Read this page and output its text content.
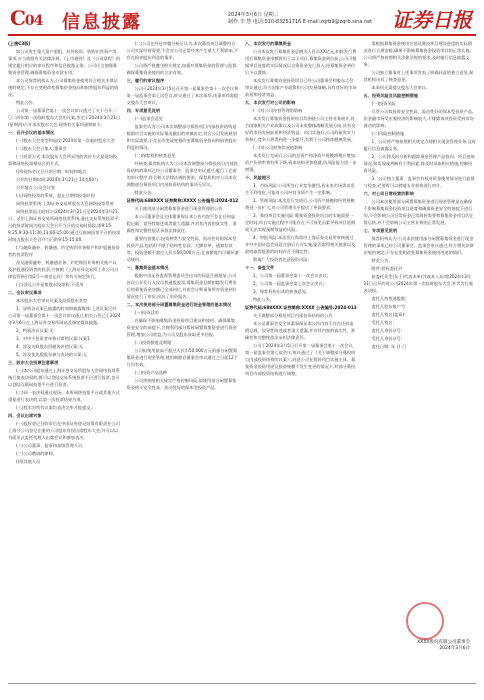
C04 信息披露	2024年3月6日 星期三
制作:李 慧 电话:010-83251716 E-mail:zqrb9@zqrb.sina.net 证券日报

(上接C3版)

如公司发生重大资产重组、对外投资、收购出售资产等事项,应当依照有关法律法规、《上市规则》及《公司章程》的规定履行相应的审议程序和信息披露义务。公司应当加强募集资金管理,确保募集资金专款专用。

本公司保荐机构认为,公司募集资金使用符合相关法律法规的规定,不存在变相改变募集资金投向和损害股东利益的情况。

特此公告。

公司第一届董事会第十一次会议审议通过了关于召开二〇二四年第一次临时股东大会的议案,决定于2024年3月21日(星期四)召开本次股东大会,现将有关事项通知如下。

一、召开会议的基本情况

(一)股东大会类型和届次:2024年第一次临时股东大会

(二)股东大会召集人:董事会

(三)投票方式:本次股东大会所采用的表决方式是现场投票和网络投票相结合的方式。

(四)现场会议召开的日期、时间和地点

召开的日期时间:2024年3月21日 14点00分

召开地点:公司会议室

(五)网络投票的系统、起止日期和投票时间

网络投票系统:上海证券交易所股东大会网络投票系统

网络投票起止时间:自2024年3月21日至2024年3月21日。采用上海证券交易所网络投票系统,通过交易系统投票平台的投票时间为股东大会召开当日的交易时间段,即9:15-9:25,9:30-11:30,13:00-15:00;通过互联网投票平台的投票时间为股东大会召开当日的9:15-15:00。

(六)融资融券、转融通、约定购回业务账户和沪股通投资者的投票程序

涉及融资融券、转融通业务、约定购回业务相关账户以及沪股通投资者的投票,应按照《上海证券交易所上市公司自律监管指引第1号—规范运作》等有关规定执行。

(七)涉及公开征集股东投票权:不适用

二、会议审议事项

本次股东大会审议议案及投票股东类型

1、说明各议案已披露的时间和披露媒体:上述议案已经公司第一届董事会第十一次会议审议通过,相关公告已于2024年3月6日在上海证券交易所网站及指定媒体披露。

2、特别决议议案:无

3、对中小投资者单独计票的议案:议案1

4、涉及关联股东回避表决的议案:无

5、涉及优先股股东参与表决的议案:无

三、股东大会投票注意事项

(一)本公司股东通过上海证券交易所股东大会网络投票系统行使表决权的,既可以登陆交易系统投票平台进行投票,也可以登陆互联网投票平台进行投票。

(二)同一表决权通过现场、本所网络投票平台或其他方式重复进行表决的,以第一次投票结果为准。

(三)股东对所有议案均表决完毕才能提交。

四、会议出席对象

(一)股权登记日收市后在中国证券登记结算有限责任公司上海分公司登记在册的公司股东有权出席股东大会,并可以以书面形式委托代理人出席会议和参加表决。

(二)公司董事、监事和高级管理人员。

(三)公司聘请的律师。

(四)其他人员

(二)公司在经过审慎分析后认为,本次募投项目调整符合公司实际经营需要,不会对公司正常经营产生重大不利影响,不存在损害股东利益的情形。

公司将严格遵守相关规定,加强对募集资金的管理与监督,确保募集资金使用的合法有效。

三、履行的审议程序

公司于2024年3月5日召开第一届董事会第十一次会议和第一届监事会第七次会议,审议通过了本次事项,该事项尚需提交股东大会审议。

四、专项意见说明

(一)监事会意见

监事会认为:公司本次调整部分募投项目内部投资结构是根据项目实施的实际情况做出的审慎决定,符合公司发展规划和实际需要,不存在改变或变相改变募集资金投向和损害股东利益的情况。

(二)保荐机构核查意见

经核查,保荐机构认为:公司本次调整部分募投项目内部投资结构的事项已经公司董事会、监事会审议通过,履行了必要的审议程序,符合相关法律法规的要求。保荐机构对公司本次调整部分募投项目内部投资结构的事项无异议。

特此公告。

证券代码:688XXX 证券简称:XXXX 公告编号:2024-012

关于使用部分闲置募集资金进行现金管理的公告

本公司董事会及全体董事保证本公告内容不存在任何虚假记载、误导性陈述或者重大遗漏,并对其内容的真实性、准确性和完整性依法承担法律责任。

重要内容提示:投资种类为安全性高、流动性好的保本型投资产品,包括但不限于结构性存款、大额存单、通知存款等。投资金额不超过人民币50,000万元,在该额度内可循环滚动使用。

一、募集资金基本情况

根据中国证券监督管理委员会出具的同意注册批复,公司首次公开发行人民币普通股股票,募集资金总额扣除发行费用后的募集资金净额已全部到位,并由会计师事务所对资金到位情况进行了审验,出具了验资报告。

二、本次使用部分闲置募集资金进行现金管理的基本情况

(一)投资目的

在确保不影响募集资金投资项目建设和使用、确保募集资金安全的前提下,合理利用部分暂时闲置募集资金进行现金管理,增加公司收益,为公司及股东获取更多回报。

(二)投资额度及期限

公司拟使用最高不超过人民币50,000万元的部分闲置募集资金进行现金管理,使用期限自董事会审议通过之日起12个月内有效。

(三)投资产品品种

公司将按照相关规定严格控制风险,拟使用部分闲置募集资金购买安全性高、流动性好的保本型投资产品。

八、本次发行的募集资金

公司本次发行募集资金总额为人民币XX亿元,扣除发行费用后募集资金净额将用于以下项目,募集资金到位前,公司可根据项目进度的实际情况以自筹资金先行投入,待募集资金到位后予以置换。

本次发行募集资金投资项目已经公司董事会和股东大会审议通过,符合国家产业政策和公司发展战略,具有良好的市场前景和经济效益。

九、本次发行对公司的影响

(一)对公司经营管理的影响

本次发行募集资金投资项目均围绕公司主营业务展开,符合国家相关产业政策以及公司未来整体战略发展方向,具有良好的市场发展前景和经济效益。项目实施后,公司的研发实力和核心竞争力将得到进一步提升,有利于公司持续健康发展。

(二)对公司财务状况的影响

本次发行完成后,公司的总资产和净资产规模将相应增加,资产负债率将有所下降,资本结构更加稳健,抗风险能力进一步增强。

十、风险提示

1、市场风险:公司所处行业竞争激烈,若未来市场需求发生不利变化,可能对公司经营业绩产生一定影响。

2、管理风险:本次发行完成后,公司资产规模和经营规模将进一步扩大,对公司管理水平提出了更高要求。

3、募投项目实施风险:募集资金投资项目的实施需要一定时间,项目实施过程中可能存在不可预见因素导致项目延期或无法实现预期效益的风险。

4、审批风险:本次发行尚需经上海证券交易所审核通过并经中国证监会同意注册后方可实施,能否取得相关批准以及最终取得批准的时间存在不确定性。

敬请广大投资者注意投资风险。

十一、备查文件

1、公司第一届董事会第十一次会议决议;

2、公司第一届监事会第七次会议决议;

3、保荐机构出具的核查意见。

特此公告。

证券代码:688XXX 证券简称:XXXX 公告编号:2024-013

关于调整部分募投项目内部投资结构的公告

本公司董事会及全体董事保证本公告内容不存在任何虚假记载、误导性陈述或者重大遗漏,并对其内容的真实性、准确性和完整性依法承担法律责任。

公司于2024年3月5日召开第一届董事会第十一次会议、第一届监事会第七次会议,审议通过了《关于调整部分募投项目内部投资结构的议案》,同意公司在募投项目实施主体、募集资金投资用途及投资规模不发生变更的情况下,对部分募投项目内部投资结构进行调整。

需根据募集资金使用计划及募投项目建设进度的实际情况进行合理安排,确保不影响募集资金投资项目的正常实施。公司将严格按照相关法律法规的要求,及时履行信息披露义务。

公司独立董事对上述事项发表了明确同意的独立意见,保荐机构出具了核查意见。

本事项无需提交股东大会审议。

五、投资风险及风险控制措施

(一)投资风险

尽管公司拟投资安全性高、流动性好的保本型投资产品,但金融市场受宏观经济的影响较大,不排除该项投资受到市场波动的影响。

(二)风险控制措施

1、公司将严格按照相关规定办理相关现金管理业务,及时履行信息披露义务。

2、公司将及时分析和跟踪现金管理产品投向、项目进展情况,如发现或判断有不利因素,将及时采取相应措施,控制投资风险。

3、公司独立董事、监事会有权对资金使用情况进行监督与检查,必要时可以聘请专业机构进行审计。

六、对公司日常经营的影响

公司本次使用部分闲置募集资金进行现金管理是在确保不影响募集资金投资项目进度和确保资金安全的前提下进行的,不会影响公司日常资金正常周转需要和募集资金项目的正常运转,亦不会影响公司主营业务的正常发展。

七、专项意见说明

保荐机构认为:公司本次使用部分闲置募集资金进行现金管理的事项已经公司董事会、监事会审议通过,符合相关法律法规的规定,不存在变相改变募集资金使用用途的情形。

特此公告。

附件:授权委托书

兹委托先生(女士)代表本单位(或本人)出席2024年3月21日召开的贵公司2024年第一次临时股东大会,并代为行使表决权。

委托人持普通股数:

委托人股东账户号:

委托人签名(盖章):

受托人签名:

委托人身份证号:

受托人身份证号:

委托日期: 年 月 日

XXXX股份有限公司董事会
2024年3月6日
